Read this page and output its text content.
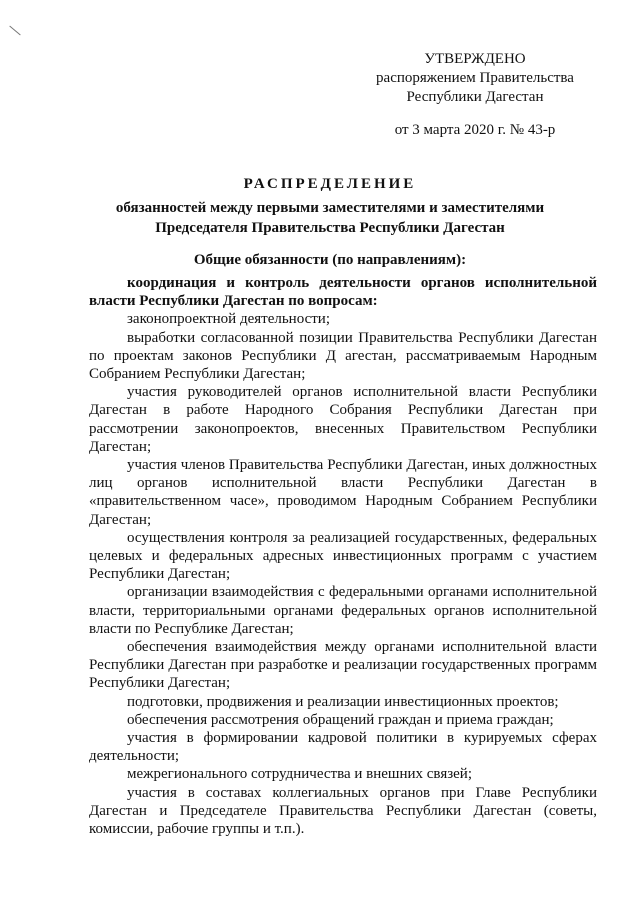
УТВЕРЖДЕНО
распоряжением Правительства
Республики Дагестан
от 3 марта 2020 г. № 43-р
РАСПРЕДЕЛЕНИЕ
обязанностей между первыми заместителями и заместителями
Председателя Правительства Республики Дагестан
Общие обязанности (по направлениям):

координация и контроль деятельности органов исполнительной власти Республики Дагестан по вопросам:

законопроектной деятельности;

выработки согласованной позиции Правительства Республики Дагестан по проектам законов Республики Д агестан, рассматриваемым Народным Собранием Республики Дагестан;

участия руководителей органов исполнительной власти Республики Дагестан в работе Народного Собрания Республики Дагестан при рассмотрении законопроектов, внесенных Правительством Республики Дагестан;

участия членов Правительства Республики Дагестан, иных должностных лиц органов исполнительной власти Республики Дагестан в «правительственном часе», проводимом Народным Собранием Республики Дагестан;

осуществления контроля за реализацией государственных, федеральных целевых и федеральных адресных инвестиционных программ с участием Республики Дагестан;

организации взаимодействия с федеральными органами исполнительной власти, территориальными органами федеральных органов исполнительной власти по Республике Дагестан;

обеспечения взаимодействия между органами исполнительной власти Республики Дагестан при разработке и реализации государственных программ Республики Дагестан;

подготовки, продвижения и реализации инвестиционных проектов;

обеспечения рассмотрения обращений граждан и приема граждан;

участия в формировании кадровой политики в курируемых сферах деятельности;

межрегионального сотрудничества и внешних связей;

участия в составах коллегиальных органов при Главе Республики Дагестан и Председателе Правительства Республики Дагестан (советы, комиссии, рабочие группы и т.п.).
